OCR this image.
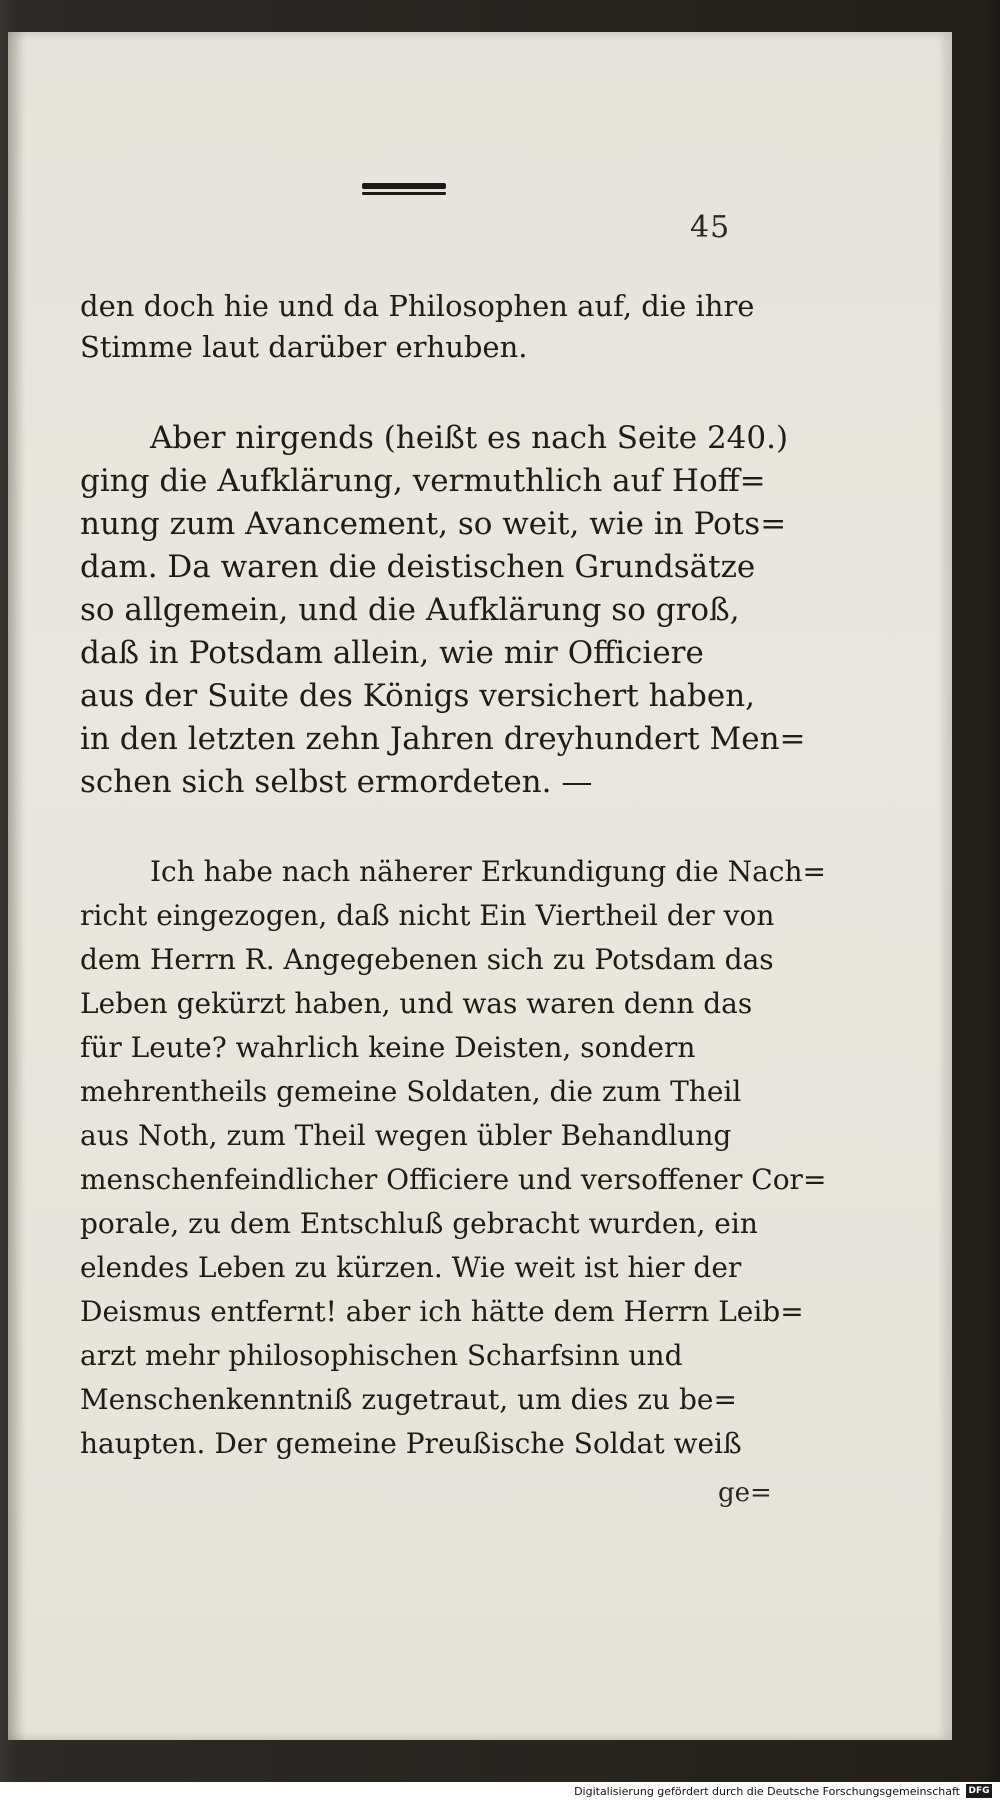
45
den doch hie und da Philosophen auf, die ihre
Stimme laut darüber erhuben.
Aber nirgends (heißt es nach Seite 240.)
ging die Aufklärung, vermuthlich auf Hoff=
nung zum Avancement, so weit, wie in Pots=
dam. Da waren die deistischen Grundsätze
so allgemein, und die Aufklärung so groß,
daß in Potsdam allein, wie mir Officiere
aus der Suite des Königs versichert haben,
in den letzten zehn Jahren dreyhundert Men=
schen sich selbst ermordeten. —
Ich habe nach näherer Erkundigung die Nach=
richt eingezogen, daß nicht Ein Viertheil der von
dem Herrn R. Angegebenen sich zu Potsdam das
Leben gekürzt haben, und was waren denn das
für Leute? wahrlich keine Deisten, sondern
mehrentheils gemeine Soldaten, die zum Theil
aus Noth, zum Theil wegen übler Behandlung
menschenfeindlicher Officiere und versoffener Cor=
porale, zu dem Entschluß gebracht wurden, ein
elendes Leben zu kürzen. Wie weit ist hier der
Deismus entfernt! aber ich hätte dem Herrn Leib=
arzt mehr philosophischen Scharfsinn und
Menschenkenntniß zugetraut, um dies zu be=
haupten. Der gemeine Preußische Soldat weiß
ge=
Digitalisierung gefördert durch die Deutsche Forschungsgemeinschaft DFG
